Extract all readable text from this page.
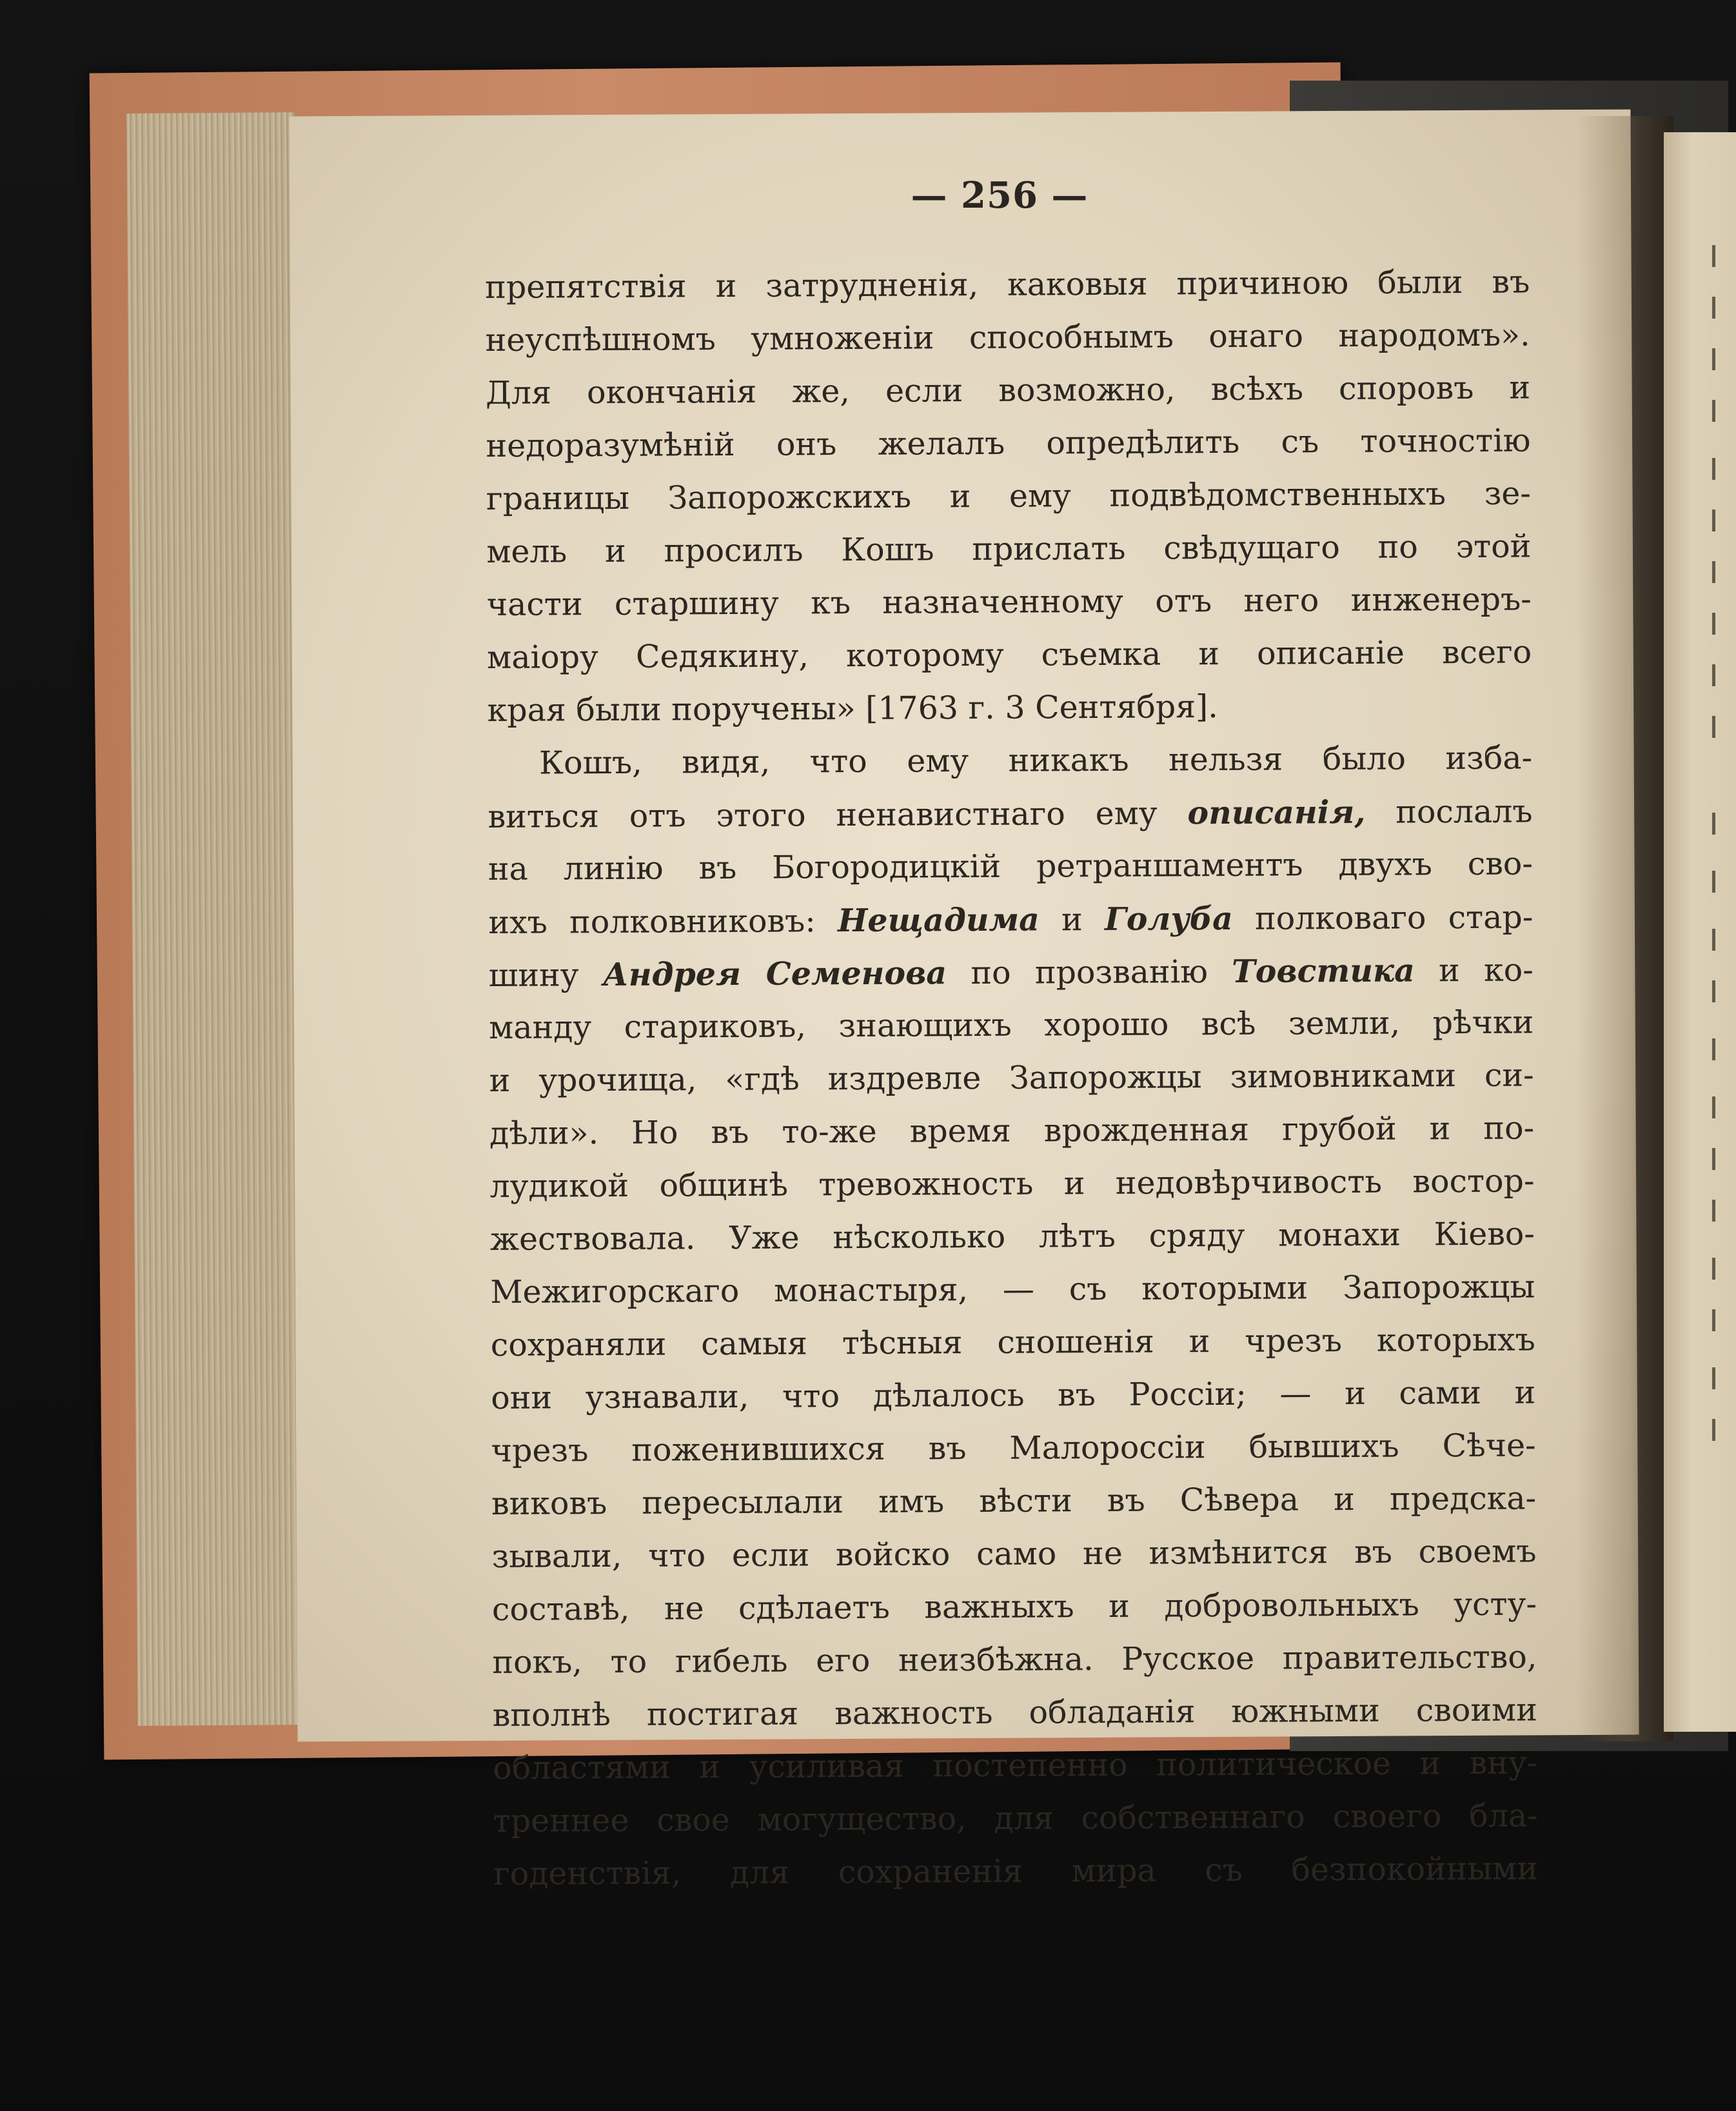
— 256 —
препятствія и затрудненія, каковыя причиною были въ
неуспѣшномъ умноженіи способнымъ онаго народомъ».
Для окончанія же, если возможно, всѣхъ споровъ и
недоразумѣній онъ желалъ опредѣлить съ точностію
границы Запорожскихъ и ему подвѣдомственныхъ зе-
мель и просилъ Кошъ прислать свѣдущаго по этой
части старшину къ назначенному отъ него инженеръ-
маіору Седякину, которому съемка и описаніе всего
края были поручены» [1763 г. 3 Сентября].
Кошъ, видя, что ему никакъ нельзя было изба-
виться отъ этого ненавистнаго ему описанія, послалъ
на линію въ Богородицкій ретраншаментъ двухъ сво-
ихъ полковниковъ: Нещадима и Голуба полковаго стар-
шину Андрея Семенова по прозванію Товстика и ко-
манду стариковъ, знающихъ хорошо всѣ земли, рѣчки
и урочища, «гдѣ издревле Запорожцы зимовниками си-
дѣли». Но въ то-же время врожденная грубой и по-
лудикой общинѣ тревожность и недовѣрчивость востор-
жествовала. Уже нѣсколько лѣтъ сряду монахи Кіево-
Межигорскаго монастыря, — съ которыми Запорожцы
сохраняли самыя тѣсныя сношенія и чрезъ которыхъ
они узнавали, что дѣлалось въ Россіи; — и сами и
чрезъ поженившихся въ Малороссіи бывшихъ Сѣче-
виковъ пересылали имъ вѣсти въ Сѣвера и предска-
зывали, что если войско само не измѣнится въ своемъ
составѣ, не сдѣлаетъ важныхъ и добровольныхъ усту-
покъ, то гибель его неизбѣжна. Русское правительство,
вполнѣ постигая важность обладанія южными своими
областями и усиливая постепенно политическое и вну-
треннее свое могущество, для собственнаго своего бла-
годенствія, для сохраненія мира съ безпокойными
